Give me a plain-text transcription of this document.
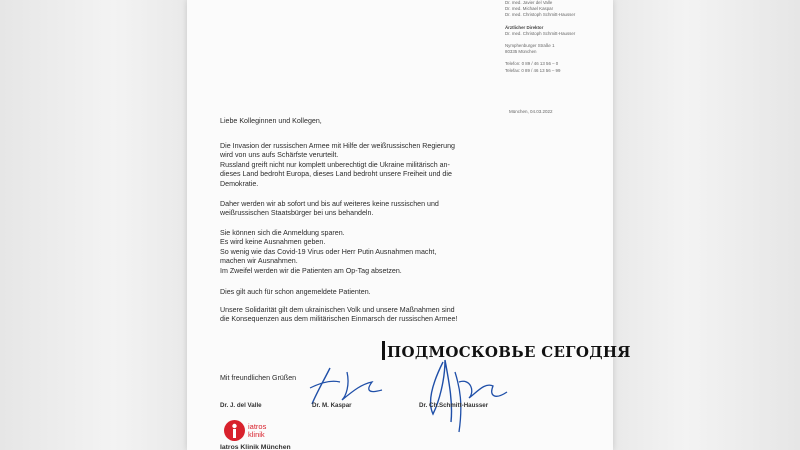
Dr. med. Javier del Valle
Dr. med. Michael Kaspar
Dr. med. Christoph Schmitt-Hausser
Ärztlicher Direktor
Dr. med. Christoph Schmitt-Hausser
Nymphenburger Straße 1
80335 München
Telefon: 0 89 / 46 13 56 – 0
Telefax: 0 89 / 46 13 56 – 99
München, 04.03.2022
Liebe Kolleginnen und Kollegen,
Die Invasion der russischen Armee mit Hilfe der weißrussischen Regierung
wird von uns aufs Schärfste verurteilt.
Russland greift nicht nur komplett unberechtigt die Ukraine militärisch an-
dieses Land bedroht Europa, dieses Land bedroht unsere Freiheit und die
Demokratie.
Daher werden wir ab sofort und bis auf weiteres keine russischen und
weißrussischen Staatsbürger bei uns behandeln.
Sie können sich die Anmeldung sparen.
Es wird keine Ausnahmen geben.
So wenig wie das Covid-19 Virus oder Herr Putin Ausnahmen macht,
machen wir Ausnahmen.
Im Zweifel werden wir die Patienten am Op-Tag absetzen.
Dies gilt auch für schon angemeldete Patienten.
Unsere Solidarität gilt dem ukrainischen Volk und unsere Maßnahmen sind
die Konsequenzen aus dem militärischen Einmarsch der russischen Armee!
Mit freundlichen Grüßen
Dr. J. del Valle	Dr. M. Kaspar	Dr. Ch.Schmitt-Hausser
iatros
klinik
Iatros Klinik München
ПОДМОСКОВЬЕ СЕГОДНЯ
